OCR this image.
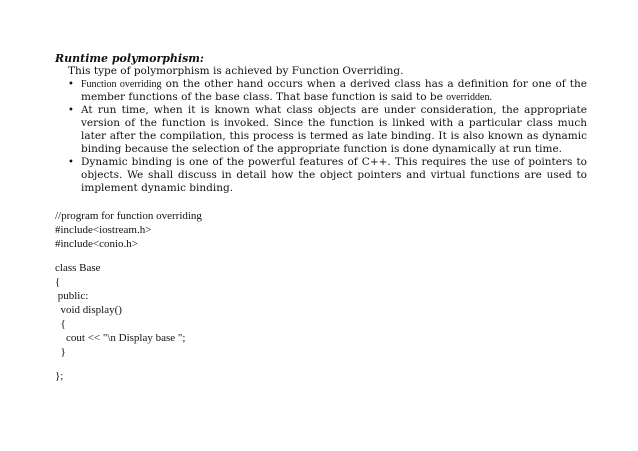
Runtime polymorphism:

This type of polymorphism is achieved by Function Overriding.

• Function overriding on the other hand occurs when a derived class has a definition for one of the member functions of the base class. That base function is said to be overridden.
• At run time, when it is known what class objects are under consideration, the appropriate version of the function is invoked. Since the function is linked with a particular class much later after the compilation, this process is termed as late binding. It is also known as dynamic binding because the selection of the appropriate function is done dynamically at run time.
• Dynamic binding is one of the powerful features of C++. This requires the use of pointers to objects. We shall discuss in detail how the object pointers and virtual functions are used to implement dynamic binding.
//program for function overriding
#include<iostream.h>
#include<conio.h>
class Base
{
public:
void display()
{
cout << "\n Display base ";
}
};
